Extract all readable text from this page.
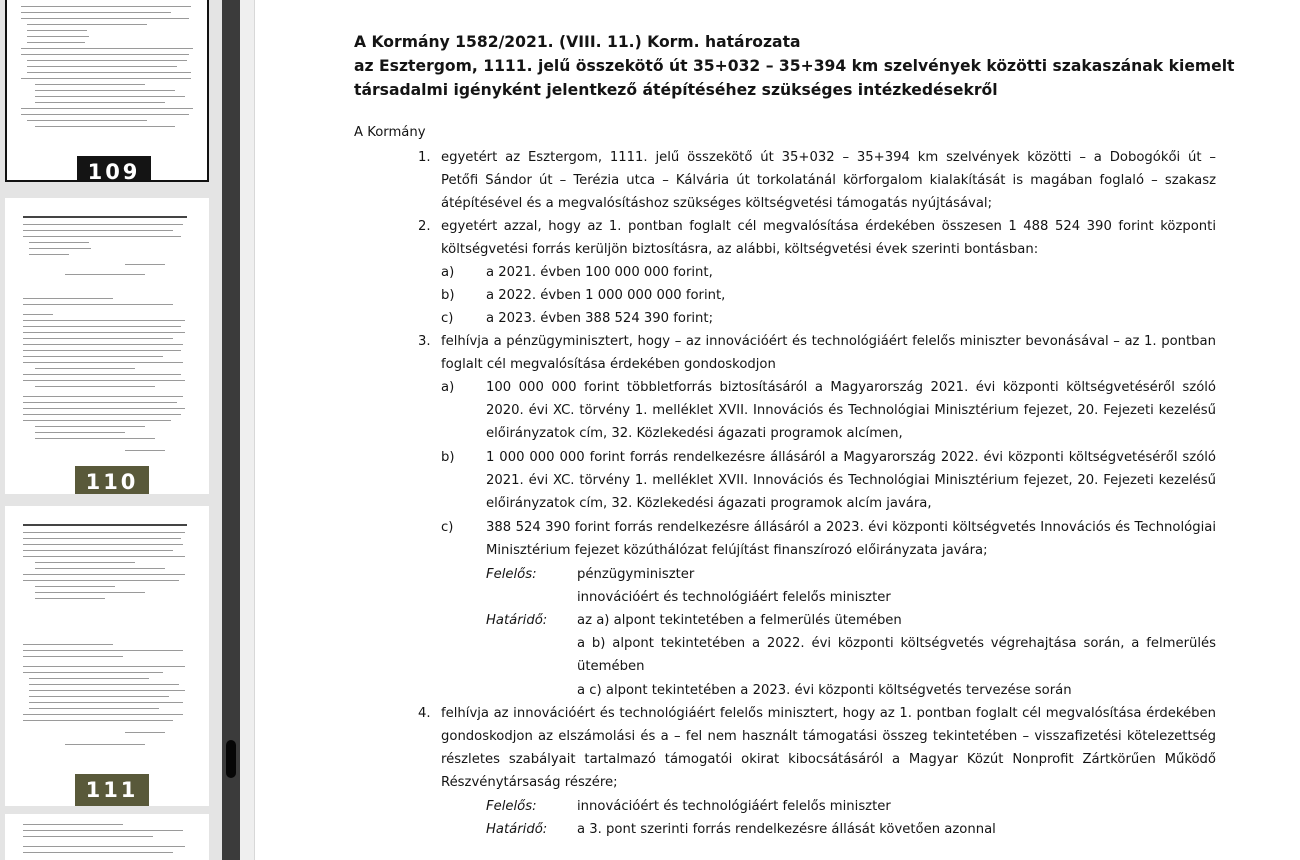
109
110
111
A Kormány 1582/2021. (VIII. 11.) Korm. határozata
az Esztergom, 1111. jelű összekötő út 35+032 – 35+394 km szelvények közötti szakaszának kiemelt
társadalmi igényként jelentkező átépítéséhez szükséges intézkedésekről
A Kormány
1. egyetért az Esztergom, 1111. jelű összekötő út 35+032 – 35+394 km szelvények közötti – a Dobogókői út –
Petőfi Sándor út – Terézia utca – Kálvária út torkolatánál körforgalom kialakítását is magában foglaló – szakasz
átépítésével és a megvalósításhoz szükséges költségvetési támogatás nyújtásával;
2. egyetért azzal, hogy az 1. pontban foglalt cél megvalósítása érdekében összesen 1 488 524 390 forint központi
költségvetési forrás kerüljön biztosításra, az alábbi, költségvetési évek szerinti bontásban:
a) a 2021. évben 100 000 000 forint,
b) a 2022. évben 1 000 000 000 forint,
c) a 2023. évben 388 524 390 forint;
3. felhívja a pénzügyminisztert, hogy – az innovációért és technológiáért felelős miniszter bevonásával – az 1. pontban
foglalt cél megvalósítása érdekében gondoskodjon
a) 100 000 000 forint többletforrás biztosításáról a Magyarország 2021. évi központi költségvetéséről szóló
2020. évi XC. törvény 1. melléklet XVII. Innovációs és Technológiai Minisztérium fejezet, 20. Fejezeti kezelésű
előirányzatok cím, 32. Közlekedési ágazati programok alcímen,
b) 1 000 000 000 forint forrás rendelkezésre állásáról a Magyarország 2022. évi központi költségvetéséről szóló
2021. évi XC. törvény 1. melléklet XVII. Innovációs és Technológiai Minisztérium fejezet, 20. Fejezeti kezelésű
előirányzatok cím, 32. Közlekedési ágazati programok alcím javára,
c) 388 524 390 forint forrás rendelkezésre állásáról a 2023. évi központi költségvetés Innovációs és Technológiai
Minisztérium fejezet közúthálózat felújítást finanszírozó előirányzata javára;
Felelős:	pénzügyminiszter
innovációért és technológiáért felelős miniszter
Határidő: az a) alpont tekintetében a felmerülés ütemében
a b) alpont tekintetében a 2022. évi központi költségvetés végrehajtása során, a felmerülés
ütemében
a c) alpont tekintetében a 2023. évi központi költségvetés tervezése során
4. felhívja az innovációért és technológiáért felelős minisztert, hogy az 1. pontban foglalt cél megvalósítása érdekében
gondoskodjon az elszámolási és a – fel nem használt támogatási összeg tekintetében – visszafizetési kötelezettség
részletes szabályait tartalmazó támogatói okirat kibocsátásáról a Magyar Közút Nonprofit Zártkörűen Működő
Részvénytársaság részére;
Felelős:	innovációért és technológiáért felelős miniszter
Határidő: a 3. pont szerinti forrás rendelkezésre állását követően azonnal
